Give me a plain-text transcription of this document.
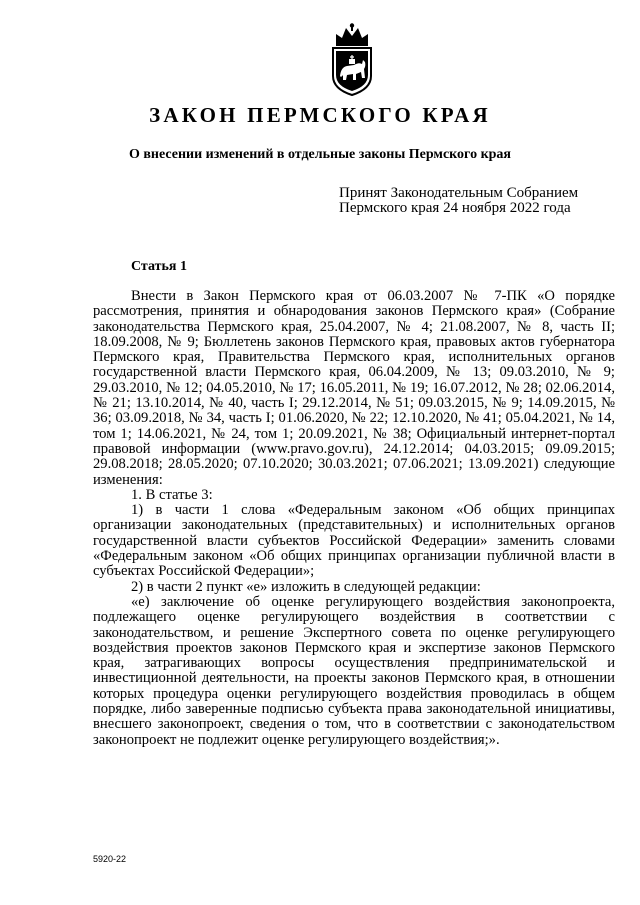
ЗАКОН ПЕРМСКОГО КРАЯ
О внесении изменений в отдельные законы Пермского края
Принят Законодательным Собранием
Пермского края 24 ноября 2022 года
Статья 1

Внести в Закон Пермского края от 06.03.2007 № 7-ПК «О порядке рассмотрения, принятия и обнародования законов Пермского края» (Собрание законодательства Пермского края, 25.04.2007, № 4; 21.08.2007, № 8, часть II; 18.09.2008, № 9; Бюллетень законов Пермского края, правовых актов губернатора Пермского края, Правительства Пермского края, исполнительных органов государственной власти Пермского края, 06.04.2009, № 13; 09.03.2010, № 9; 29.03.2010, № 12; 04.05.2010, № 17; 16.05.2011, № 19; 16.07.2012, № 28; 02.06.2014, № 21; 13.10.2014, № 40, часть I; 29.12.2014, № 51; 09.03.2015, № 9; 14.09.2015, № 36; 03.09.2018, № 34, часть I; 01.06.2020, № 22; 12.10.2020, № 41; 05.04.2021, № 14, том 1; 14.06.2021, № 24, том 1; 20.09.2021, № 38; Официальный интернет-портал правовой информации (www.pravo.gov.ru), 24.12.2014; 04.03.2015; 09.09.2015; 29.08.2018; 28.05.2020; 07.10.2020; 30.03.2021; 07.06.2021; 13.09.2021) следующие изменения:

1. В статье 3:

1) в части 1 слова «Федеральным законом «Об общих принципах организации законодательных (представительных) и исполнительных органов государственной власти субъектов Российской Федерации» заменить словами «Федеральным законом «Об общих принципах организации публичной власти в субъектах Российской Федерации»;

2) в части 2 пункт «е» изложить в следующей редакции:

«е) заключение об оценке регулирующего воздействия законопроекта, подлежащего оценке регулирующего воздействия в соответствии с законодательством, и решение Экспертного совета по оценке регулирующего воздействия проектов законов Пермского края и экспертизе законов Пермского края, затрагивающих вопросы осуществления предпринимательской и инвестиционной деятельности, на проекты законов Пермского края, в отношении которых процедура оценки регулирующего воздействия проводилась в общем порядке, либо заверенные подписью субъекта права законодательной инициативы, внесшего законопроект, сведения о том, что в соответствии с законодательством законопроект не подлежит оценке регулирующего воздействия;».

5920-22
